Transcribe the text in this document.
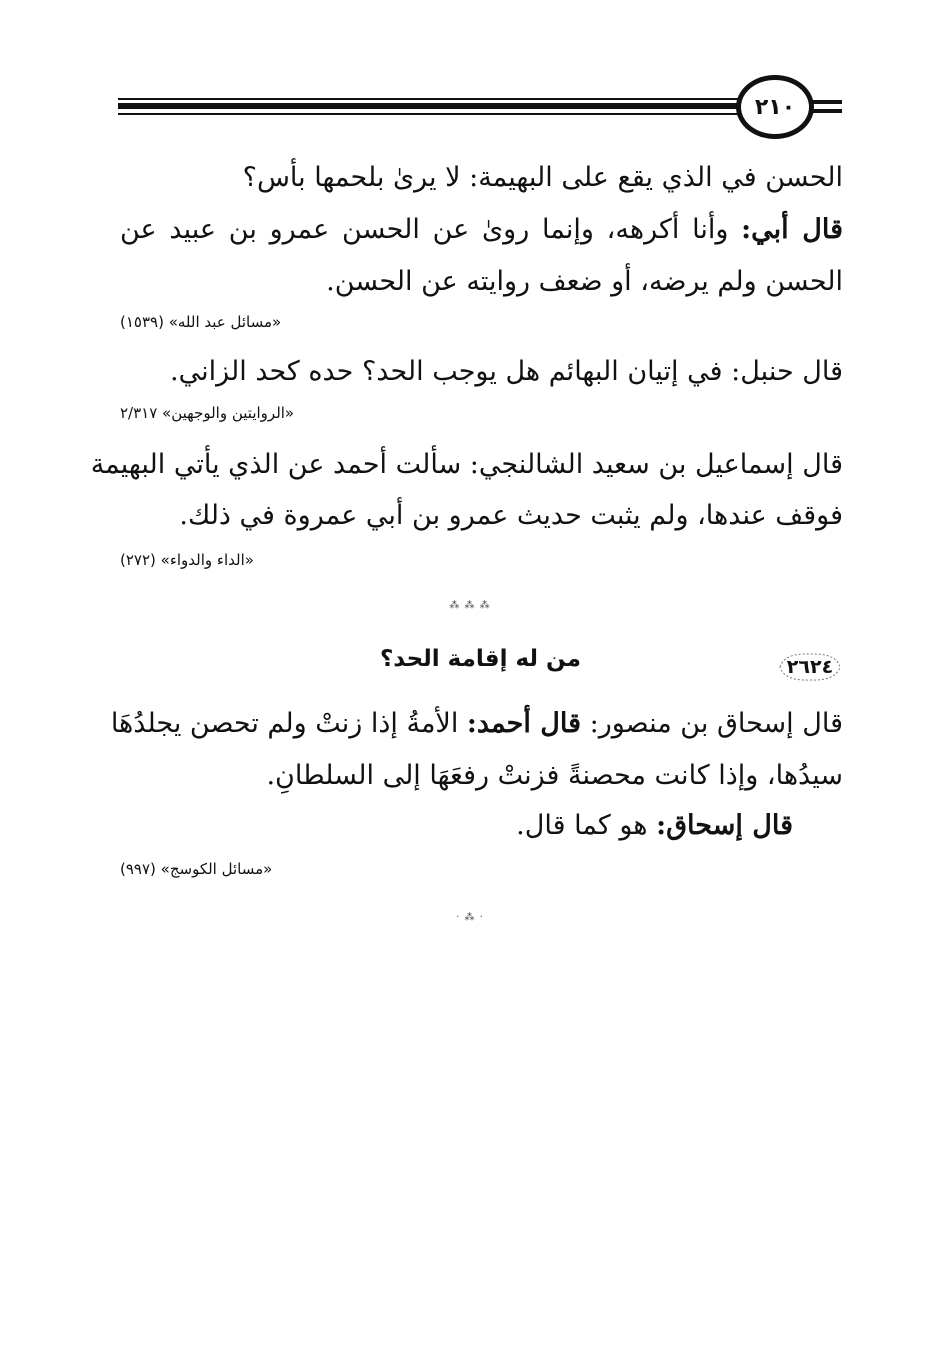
٢١٠
الحسن في الذي يقع على البهيمة: لا يرىٰ بلحمها بأس؟
قال أبي: وأنا أكرهه، وإنما روىٰ عن الحسن عمرو بن عبيد عن
الحسن ولم يرضه، أو ضعف روايته عن الحسن.
«مسائل عبد الله» (١٥٣٩)
قال حنبل: في إتيان البهائم هل يوجب الحد؟ حده كحد الزاني.
«الروايتين والوجهين» ٢/٣١٧
قال إسماعيل بن سعيد الشالنجي: سألت أحمد عن الذي يأتي البهيمة
فوقف عندها، ولم يثبت حديث عمرو بن أبي عمروة في ذلك.
«الداء والدواء» (٢٧٢)
⁂ ⁂ ⁂
٢٦٢٤
من له إقامة الحد؟
قال إسحاق بن منصور: قال أحمد: الأمةُ إذا زنتْ ولم تحصن يجلدُهَا
سيدُها، وإذا كانت محصنةً فزنتْ رفعَهَا إلى السلطانِ.
قال إسحاق: هو كما قال.
«مسائل الكوسج» (٩٩٧)
· ⁂ ·
